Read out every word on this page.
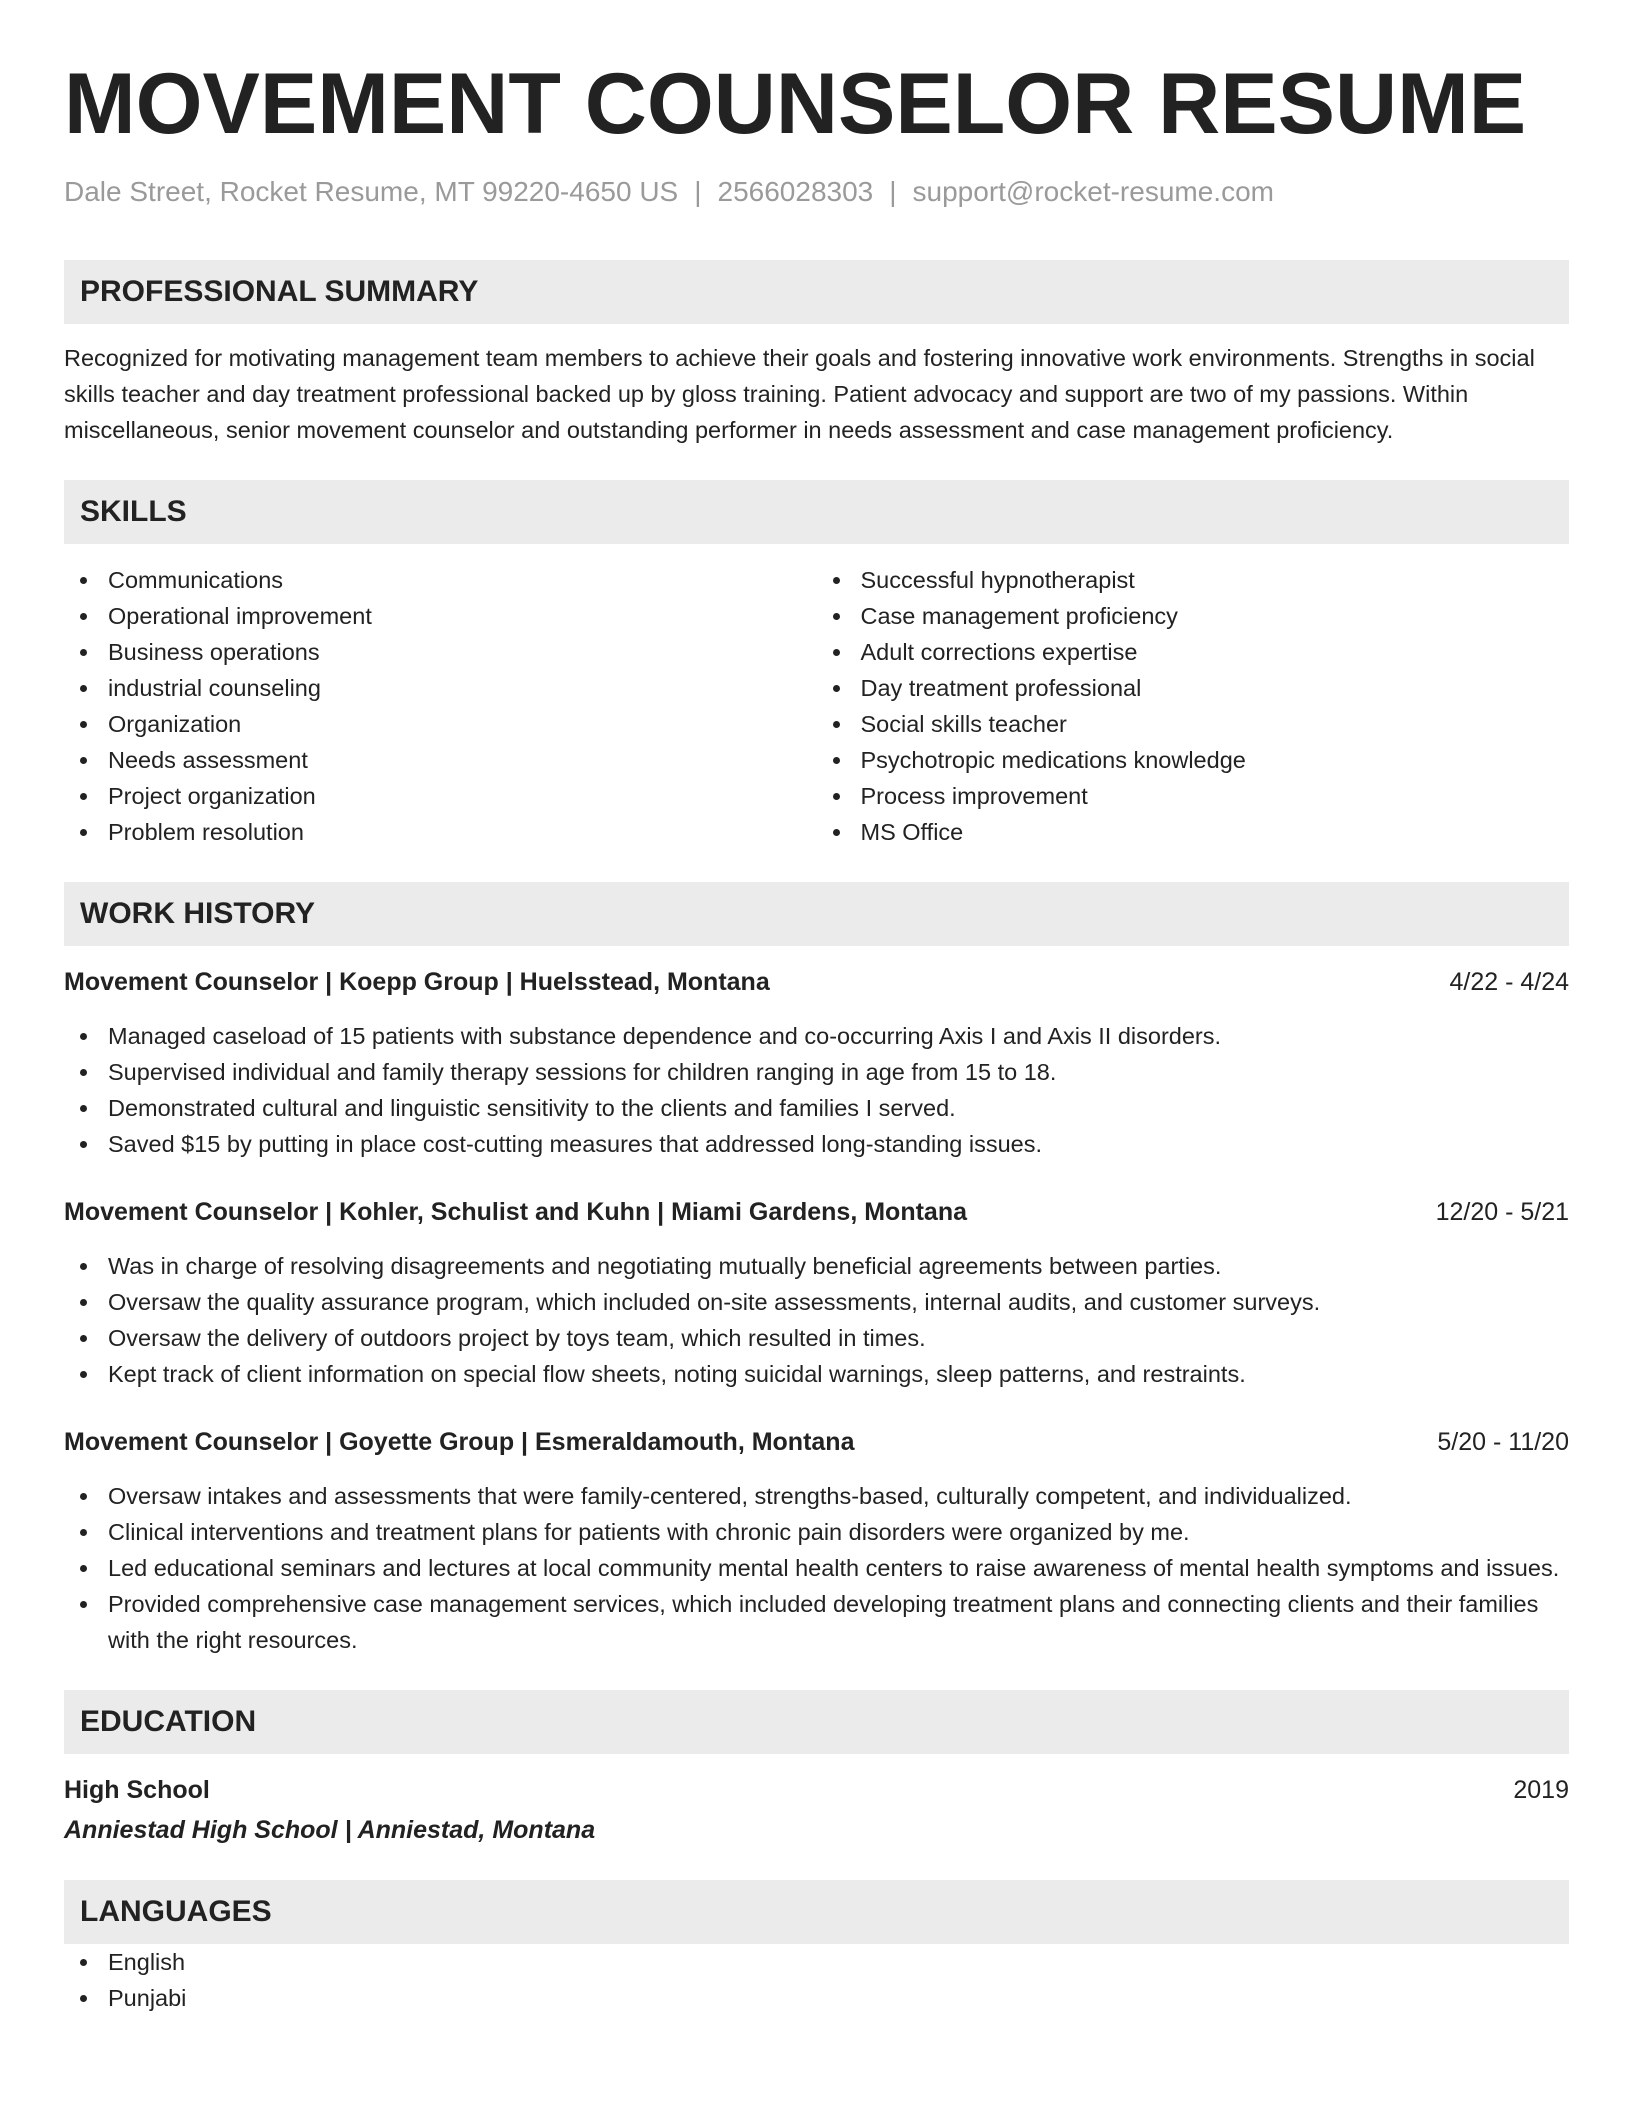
MOVEMENT COUNSELOR RESUME
Dale Street, Rocket Resume, MT 99220-4650 US | 2566028303 | support@rocket-resume.com
PROFESSIONAL SUMMARY

Recognized for motivating management team members to achieve their goals and fostering innovative work environments. Strengths in social skills teacher and day treatment professional backed up by gloss training. Patient advocacy and support are two of my passions. Within miscellaneous, senior movement counselor and outstanding performer in needs assessment and case management proficiency.

SKILLS
Communications
Operational improvement
Business operations
industrial counseling
Organization
Needs assessment
Project organization
Problem resolution
Successful hypnotherapist
Case management proficiency
Adult corrections expertise
Day treatment professional
Social skills teacher
Psychotropic medications knowledge
Process improvement
MS Office
WORK HISTORY
Movement Counselor | Koepp Group | Huelsstead, Montana	4/22 - 4/24
Managed caseload of 15 patients with substance dependence and co-occurring Axis I and Axis II disorders.
Supervised individual and family therapy sessions for children ranging in age from 15 to 18.
Demonstrated cultural and linguistic sensitivity to the clients and families I served.
Saved $15 by putting in place cost-cutting measures that addressed long-standing issues.
Movement Counselor | Kohler, Schulist and Kuhn | Miami Gardens, Montana	12/20 - 5/21
Was in charge of resolving disagreements and negotiating mutually beneficial agreements between parties.
Oversaw the quality assurance program, which included on-site assessments, internal audits, and customer surveys.
Oversaw the delivery of outdoors project by toys team, which resulted in times.
Kept track of client information on special flow sheets, noting suicidal warnings, sleep patterns, and restraints.
Movement Counselor | Goyette Group | Esmeraldamouth, Montana	5/20 - 11/20
Oversaw intakes and assessments that were family-centered, strengths-based, culturally competent, and individualized.
Clinical interventions and treatment plans for patients with chronic pain disorders were organized by me.
Led educational seminars and lectures at local community mental health centers to raise awareness of mental health symptoms and issues.
Provided comprehensive case management services, which included developing treatment plans and connecting clients and their families with the right resources.
EDUCATION
High School	2019
Anniestad High School | Anniestad, Montana
LANGUAGES
English
Punjabi
